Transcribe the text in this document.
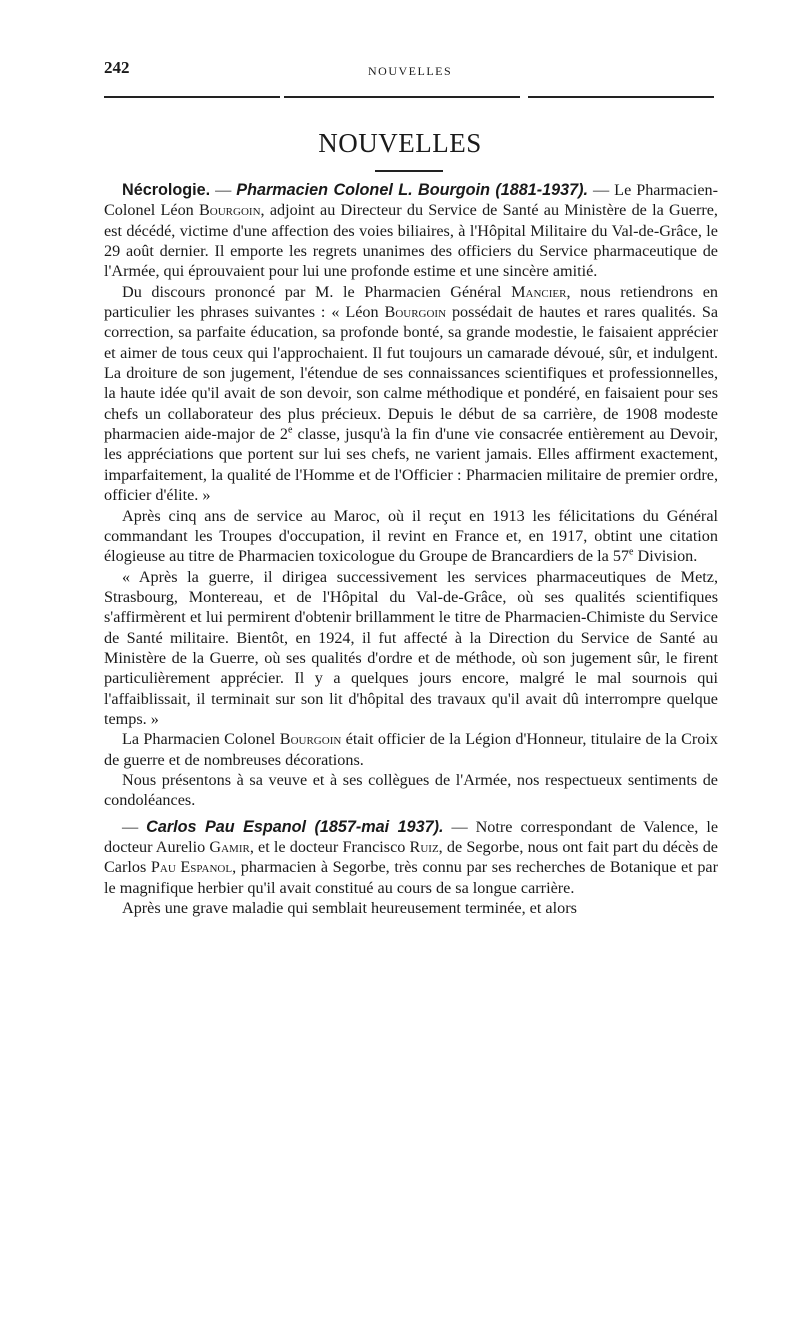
242	NOUVELLES
NOUVELLES

Nécrologie. — Pharmacien Colonel L. Bourgoin (1881-1937). — Le Pharmacien-Colonel Léon Bourgoin, adjoint au Directeur du Service de Santé au Ministère de la Guerre, est décédé, victime d'une affection des voies biliaires, à l'Hôpital Militaire du Val-de-Grâce, le 29 août dernier. Il emporte les regrets unanimes des officiers du Service pharmaceutique de l'Armée, qui éprouvaient pour lui une profonde estime et une sincère amitié.

Du discours prononcé par M. le Pharmacien Général Mancier, nous retiendrons en particulier les phrases suivantes : « Léon Bourgoin possédait de hautes et rares qualités. Sa correction, sa parfaite éducation, sa profonde bonté, sa grande modestie, le faisaient apprécier et aimer de tous ceux qui l'approchaient. Il fut toujours un camarade dévoué, sûr, et indulgent. La droiture de son jugement, l'étendue de ses connaissances scientifiques et professionnelles, la haute idée qu'il avait de son devoir, son calme méthodique et pondéré, en faisaient pour ses chefs un collaborateur des plus précieux. Depuis le début de sa carrière, de 1908 modeste pharmacien aide-major de 2e classe, jusqu'à la fin d'une vie consacrée entièrement au Devoir, les appréciations que portent sur lui ses chefs, ne varient jamais. Elles affirment exactement, imparfaitement, la qualité de l'Homme et de l'Officier : Pharmacien militaire de premier ordre, officier d'élite. »

Après cinq ans de service au Maroc, où il reçut en 1913 les félicitations du Général commandant les Troupes d'occupation, il revint en France et, en 1917, obtint une citation élogieuse au titre de Pharmacien toxicologue du Groupe de Brancardiers de la 57e Division.

« Après la guerre, il dirigea successivement les services pharmaceutiques de Metz, Strasbourg, Montereau, et de l'Hôpital du Val-de-Grâce, où ses qualités scientifiques s'affirmèrent et lui permirent d'obtenir brillamment le titre de Pharmacien-Chimiste du Service de Santé militaire. Bientôt, en 1924, il fut affecté à la Direction du Service de Santé au Ministère de la Guerre, où ses qualités d'ordre et de méthode, où son jugement sûr, le firent particulièrement apprécier. Il y a quelques jours encore, malgré le mal sournois qui l'affaiblissait, il terminait sur son lit d'hôpital des travaux qu'il avait dû interrompre quelque temps. »

La Pharmacien Colonel Bourgoin était officier de la Légion d'Honneur, titulaire de la Croix de guerre et de nombreuses décorations.

Nous présentons à sa veuve et à ses collègues de l'Armée, nos respectueux sentiments de condoléances.

— Carlos Pau Espanol (1857-mai 1937). — Notre correspondant de Valence, le docteur Aurelio Gamir, et le docteur Francisco Ruiz, de Segorbe, nous ont fait part du décès de Carlos Pau Espanol, pharmacien à Segorbe, très connu par ses recherches de Botanique et par le magnifique herbier qu'il avait constitué au cours de sa longue carrière.

Après une grave maladie qui semblait heureusement terminée, et alors
